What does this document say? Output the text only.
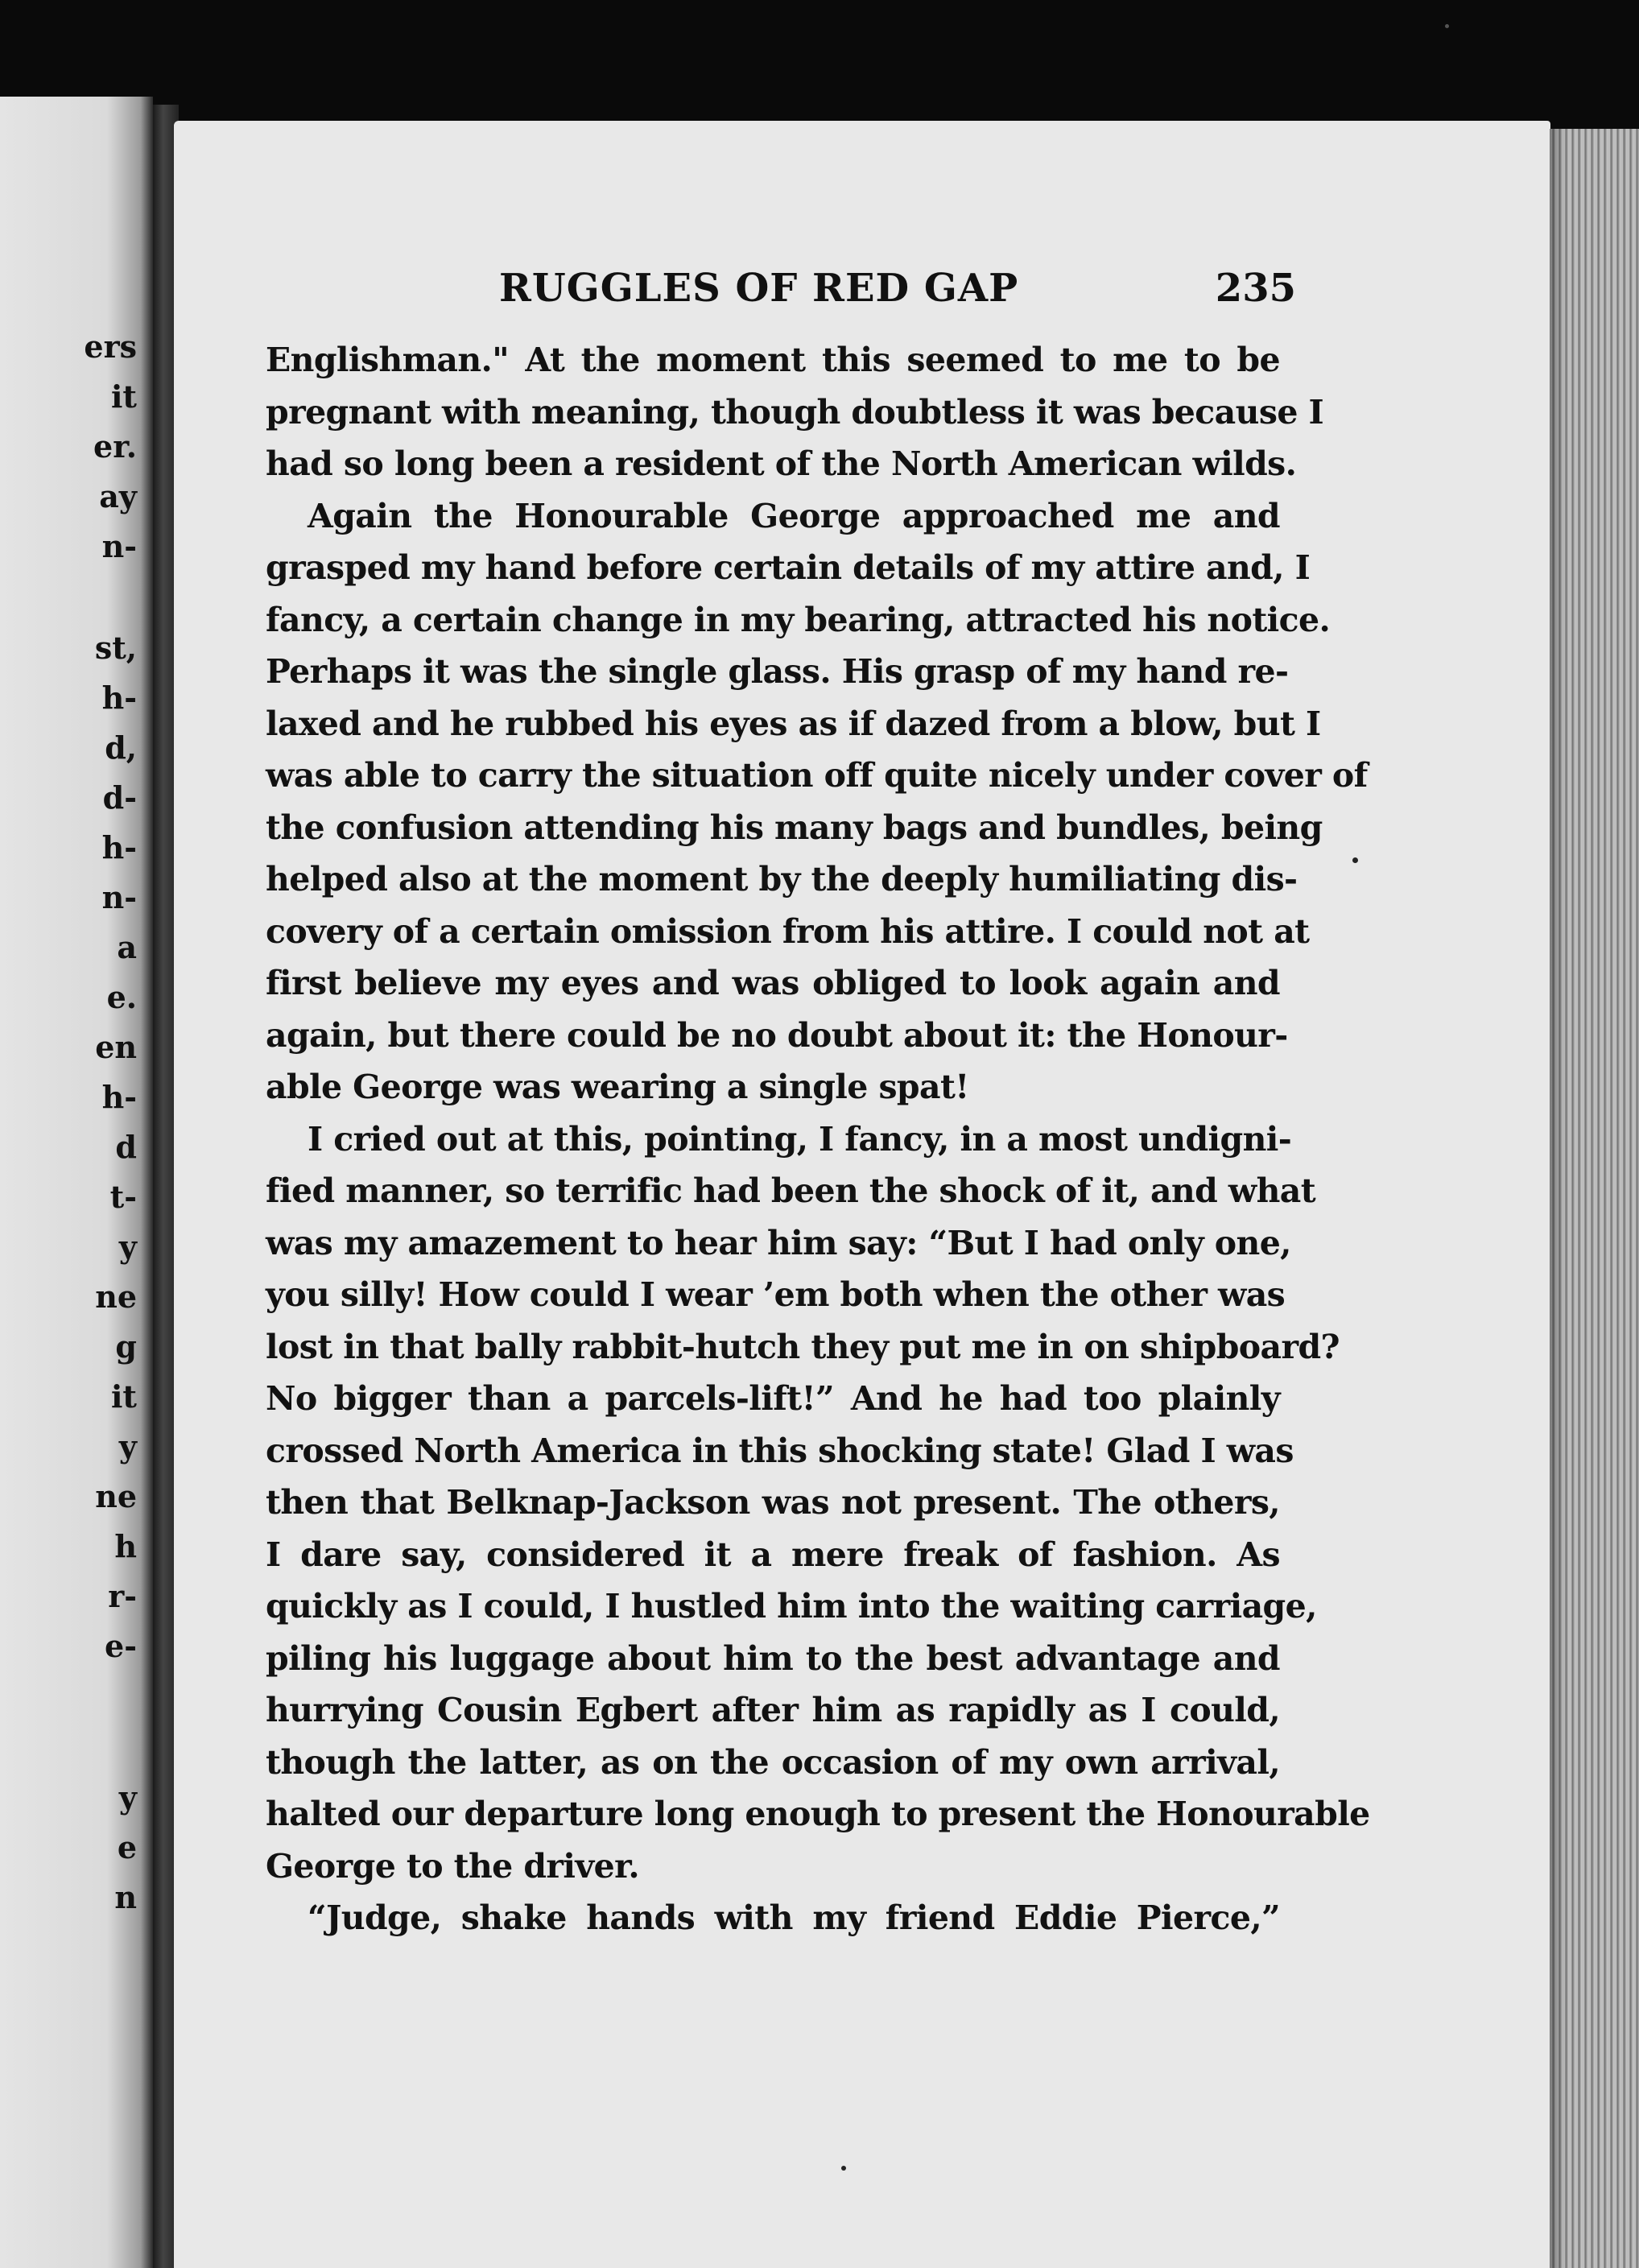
ers
it
er.
ay
n-
st,
h-
d,
d-
h-
n-
a
e.
en
h-
d
t-
y
ne
g
it
y
ne
h
r-
e-
y
e
n
RUGGLES OF RED GAP	235
Englishman." At the moment this seemed to me to be
pregnant with meaning, though doubtless it was because I
had so long been a resident of the North American wilds.
Again the Honourable George approached me and
grasped my hand before certain details of my attire and, I
fancy, a certain change in my bearing, attracted his notice.
Perhaps it was the single glass. His grasp of my hand re-
laxed and he rubbed his eyes as if dazed from a blow, but I
was able to carry the situation off quite nicely under cover of
the confusion attending his many bags and bundles, being
helped also at the moment by the deeply humiliating dis-
covery of a certain omission from his attire. I could not at
first believe my eyes and was obliged to look again and
again, but there could be no doubt about it: the Honour-
able George was wearing a single spat!
I cried out at this, pointing, I fancy, in a most undigni-
fied manner, so terrific had been the shock of it, and what
was my amazement to hear him say: “But I had only one,
you silly! How could I wear ’em both when the other was
lost in that bally rabbit-hutch they put me in on shipboard?
No bigger than a parcels-lift!” And he had too plainly
crossed North America in this shocking state! Glad I was
then that Belknap-Jackson was not present. The others,
I dare say, considered it a mere freak of fashion. As
quickly as I could, I hustled him into the waiting carriage,
piling his luggage about him to the best advantage and
hurrying Cousin Egbert after him as rapidly as I could,
though the latter, as on the occasion of my own arrival,
halted our departure long enough to present the Honourable
George to the driver.
“Judge, shake hands with my friend Eddie Pierce,”
